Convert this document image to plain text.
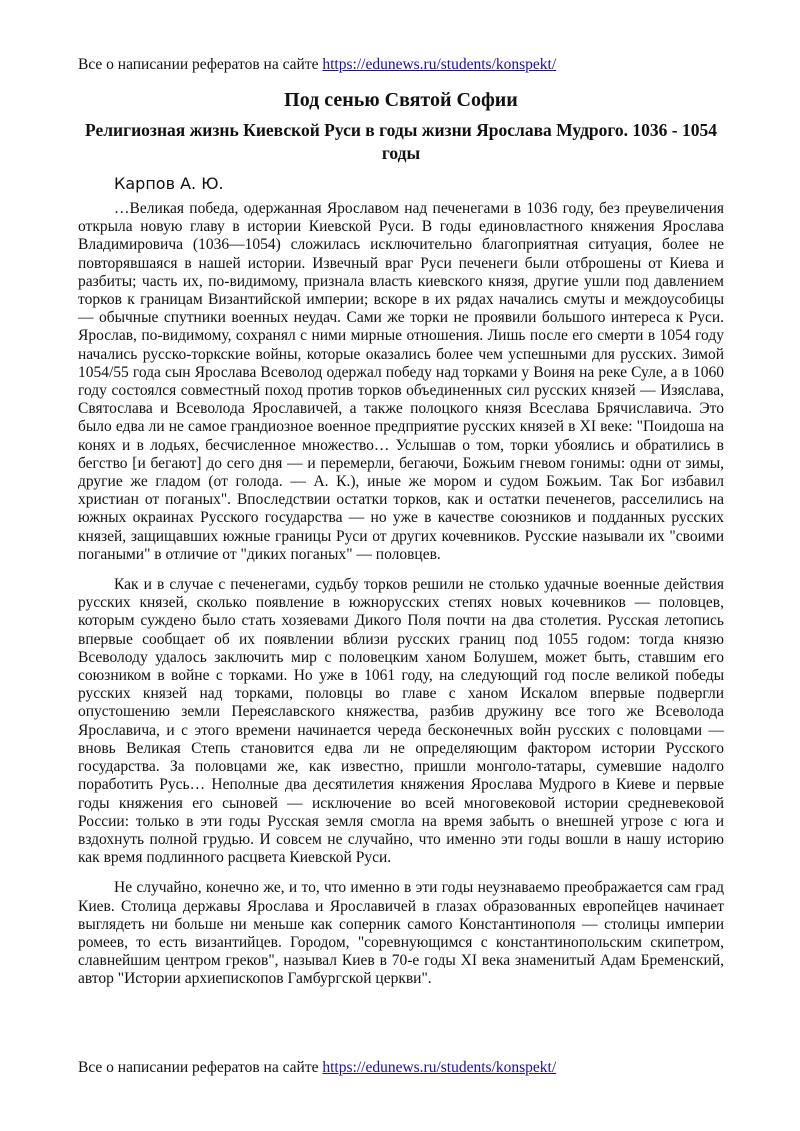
Все о написании рефератов на сайте https://edunews.ru/students/konspekt/
Под сенью Святой Софии
Религиозная жизнь Киевской Руси в годы жизни Ярослава Мудрого. 1036 - 1054 годы
Карпов А. Ю.

…Великая победа, одержанная Ярославом над печенегами в 1036 году, без преувеличения открыла новую главу в истории Киевской Руси. В годы единовластного княжения Ярослава Владимировича (1036—1054) сложилась исключительно благоприятная ситуация, более не повторявшаяся в нашей истории. Извечный враг Руси печенеги были отброшены от Киева и разбиты; часть их, по-видимому, признала власть киевского князя, другие ушли под давлением торков к границам Византийской империи; вскоре в их рядах начались смуты и междоусобицы — обычные спутники военных неудач. Сами же торки не проявили большого интереса к Руси. Ярослав, по-видимому, сохранял с ними мирные отношения. Лишь после его смерти в 1054 году начались русско-торкские войны, которые оказались более чем успешными для русских. Зимой 1054/55 года сын Ярослава Всеволод одержал победу над торками у Воиня на реке Суле, а в 1060 году состоялся совместный поход против торков объединенных сил русских князей — Изяслава, Святослава и Всеволода Ярославичей, а также полоцкого князя Всеслава Брячиславича. Это было едва ли не самое грандиозное военное предприятие русских князей в XI веке: "Поидоша на конях и в лодьях, бесчисленное множество… Услышав о том, торки убоялись и обратились в бегство [и бегают] до сего дня — и перемерли, бегаючи, Божьим гневом гонимы: одни от зимы, другие же гладом (от голода. — А. К.), иные же мором и судом Божьим. Так Бог избавил христиан от поганых". Впоследствии остатки торков, как и остатки печенегов, расселились на южных окраинах Русского государства — но уже в качестве союзников и подданных русских князей, защищавших южные границы Руси от других кочевников. Русские называли их "своими погаными" в отличие от "диких поганых" — половцев.

Как и в случае с печенегами, судьбу торков решили не столько удачные военные действия русских князей, сколько появление в южнорусских степях новых кочевников — половцев, которым суждено было стать хозяевами Дикого Поля почти на два столетия. Русская летопись впервые сообщает об их появлении вблизи русских границ под 1055 годом: тогда князю Всеволоду удалось заключить мир с половецким ханом Болушем, может быть, ставшим его союзником в войне с торками. Но уже в 1061 году, на следующий год после великой победы русских князей над торками, половцы во главе с ханом Искалом впервые подвергли опустошению земли Переяславского княжества, разбив дружину все того же Всеволода Ярославича, и с этого времени начинается череда бесконечных войн русских с половцами — вновь Великая Степь становится едва ли не определяющим фактором истории Русского государства. За половцами же, как известно, пришли монголо-татары, сумевшие надолго поработить Русь… Неполные два десятилетия княжения Ярослава Мудрого в Киеве и первые годы княжения его сыновей — исключение во всей многовековой истории средневековой России: только в эти годы Русская земля смогла на время забыть о внешней угрозе с юга и вздохнуть полной грудью. И совсем не случайно, что именно эти годы вошли в нашу историю как время подлинного расцвета Киевской Руси.

Не случайно, конечно же, и то, что именно в эти годы неузнаваемо преображается сам град Киев. Столица державы Ярослава и Ярославичей в глазах образованных европейцев начинает выглядеть ни больше ни меньше как соперник самого Константинополя — столицы империи ромеев, то есть византийцев. Городом, "соревнующимся с константинопольским скипетром, славнейшим центром греков", называл Киев в 70-е годы XI века знаменитый Адам Бременский, автор "Истории архиепископов Гамбургской церкви".

Все о написании рефератов на сайте https://edunews.ru/students/konspekt/
